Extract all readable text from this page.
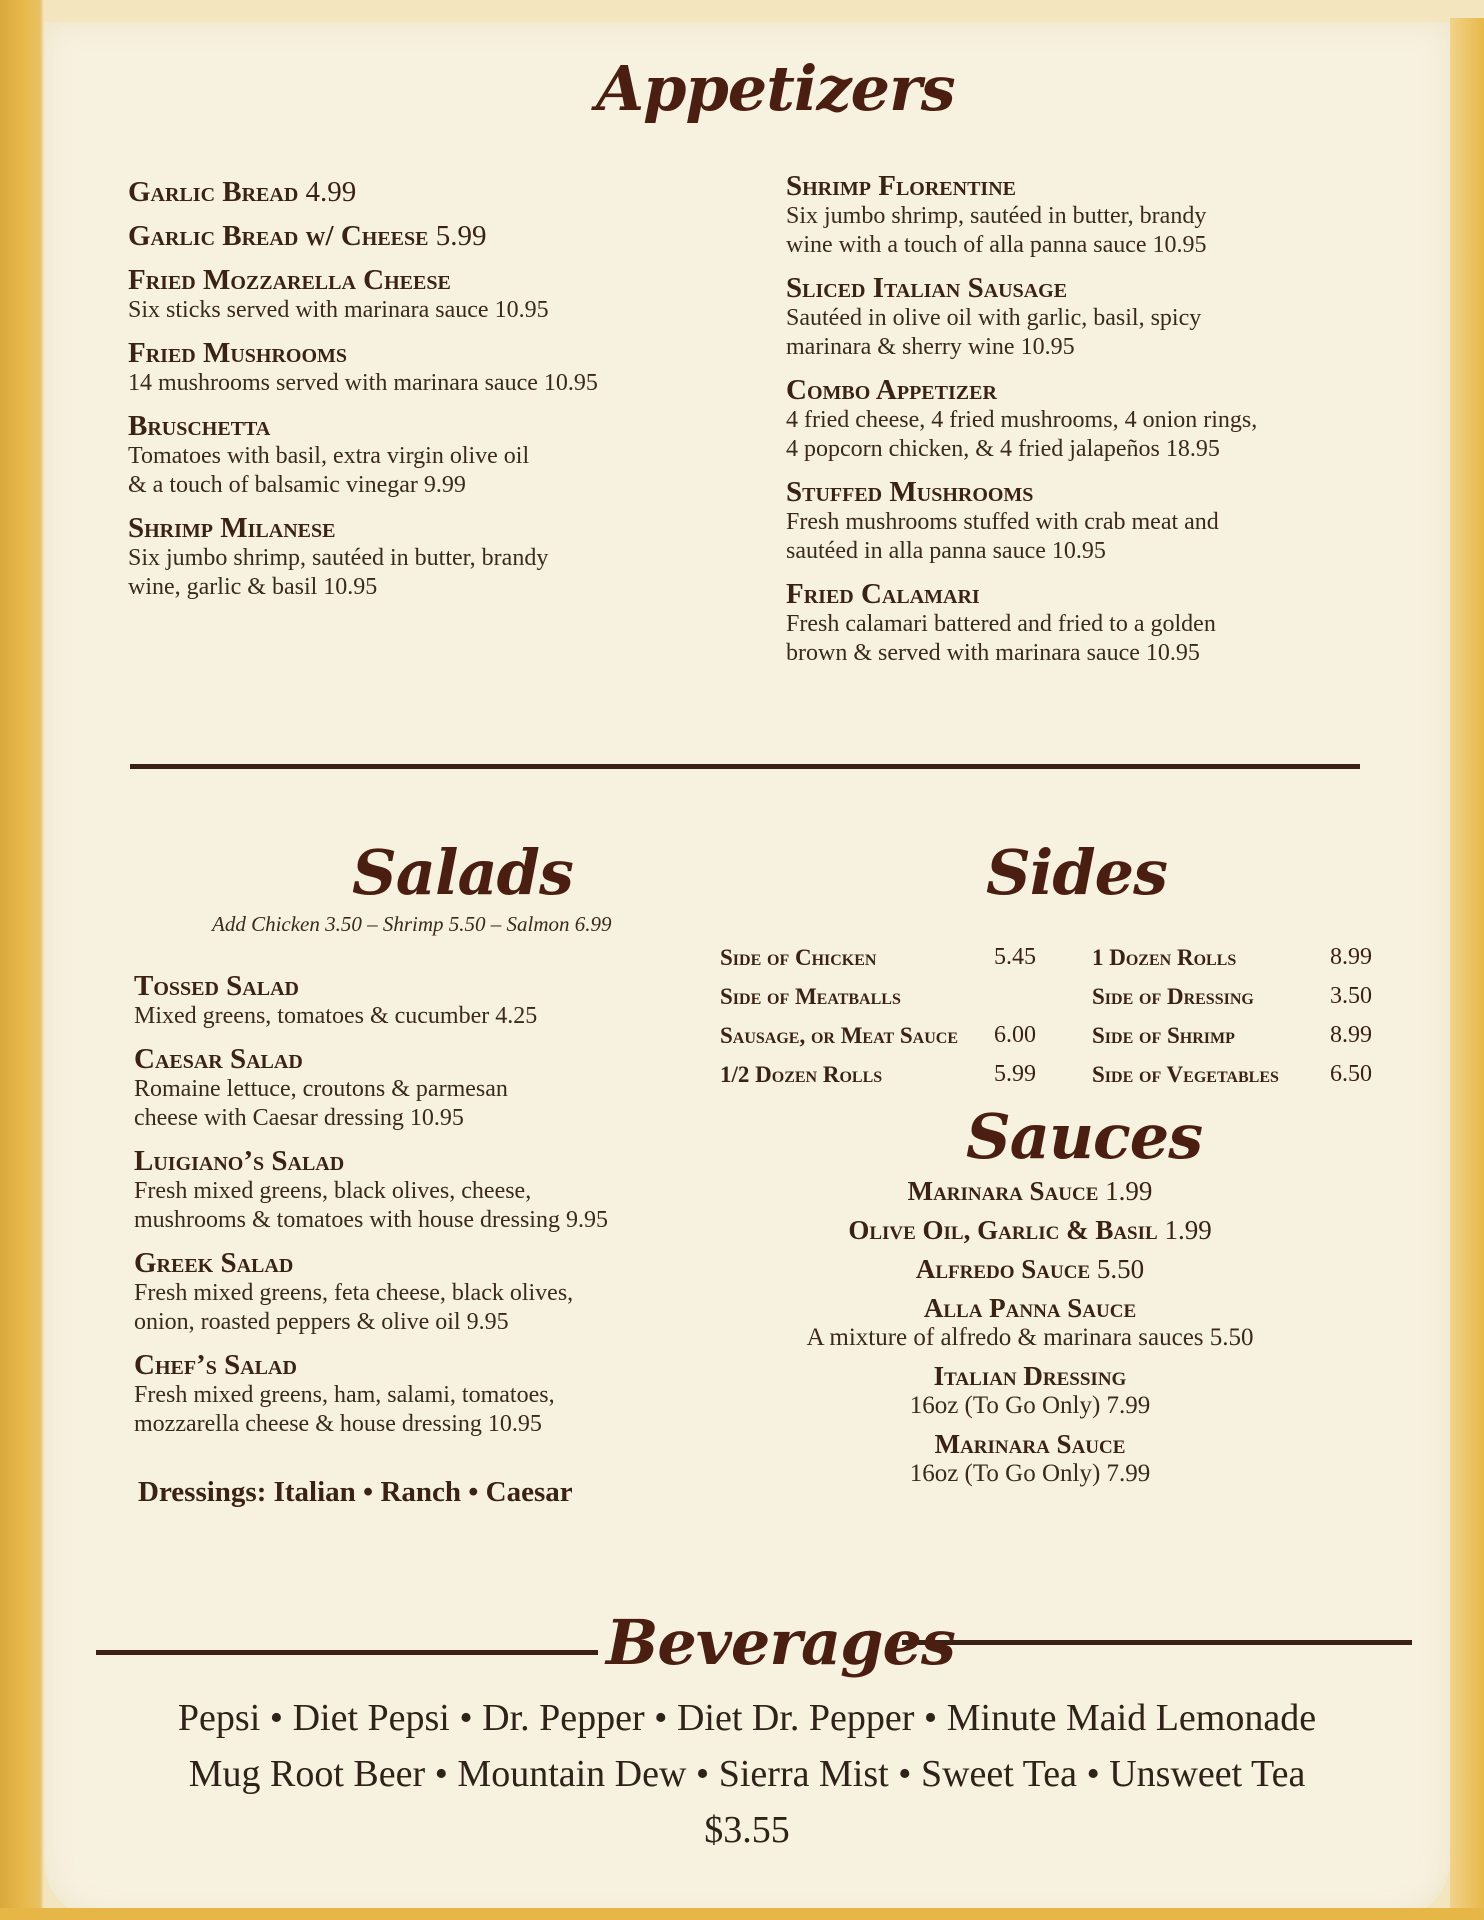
Appetizers
Garlic Bread 4.99
Garlic Bread w/ Cheese 5.99
Fried Mozzarella Cheese
Six sticks served with marinara sauce 10.95
Fried Mushrooms
14 mushrooms served with marinara sauce 10.95
Bruschetta
Tomatoes with basil, extra virgin olive oil
& a touch of balsamic vinegar 9.99
Shrimp Milanese
Six jumbo shrimp, sautéed in butter, brandy
wine, garlic & basil 10.95
Shrimp Florentine
Six jumbo shrimp, sautéed in butter, brandy
wine with a touch of alla panna sauce 10.95
Sliced Italian Sausage
Sautéed in olive oil with garlic, basil, spicy
marinara & sherry wine 10.95
Combo Appetizer
4 fried cheese, 4 fried mushrooms, 4 onion rings,
4 popcorn chicken, & 4 fried jalapeños 18.95
Stuffed Mushrooms
Fresh mushrooms stuffed with crab meat and
sautéed in alla panna sauce 10.95
Fried Calamari
Fresh calamari battered and fried to a golden
brown & served with marinara sauce 10.95
Salads
Add Chicken 3.50 – Shrimp 5.50 – Salmon 6.99
Tossed Salad
Mixed greens, tomatoes & cucumber 4.25
Caesar Salad
Romaine lettuce, croutons & parmesan
cheese with Caesar dressing 10.95
Luigiano’s Salad
Fresh mixed greens, black olives, cheese,
mushrooms & tomatoes with house dressing 9.95
Greek Salad
Fresh mixed greens, feta cheese, black olives,
onion, roasted peppers & olive oil 9.95
Chef’s Salad
Fresh mixed greens, ham, salami, tomatoes,
mozzarella cheese & house dressing 10.95
Dressings: Italian • Ranch • Caesar
Sides
Side of Chicken	5.45
Side of Meatballs
Sausage, or Meat Sauce	6.00
1/2 Dozen Rolls	5.99
1 Dozen Rolls	8.99
Side of Dressing	3.50
Side of Shrimp	8.99
Side of Vegetables	6.50
Sauces
Marinara Sauce 1.99
Olive Oil, Garlic & Basil 1.99
Alfredo Sauce 5.50
Alla Panna Sauce
A mixture of alfredo & marinara sauces 5.50
Italian Dressing
16oz (To Go Only) 7.99
Marinara Sauce
16oz (To Go Only) 7.99
Beverages
Pepsi • Diet Pepsi • Dr. Pepper • Diet Dr. Pepper • Minute Maid Lemonade
Mug Root Beer • Mountain Dew • Sierra Mist • Sweet Tea • Unsweet Tea
$3.55
